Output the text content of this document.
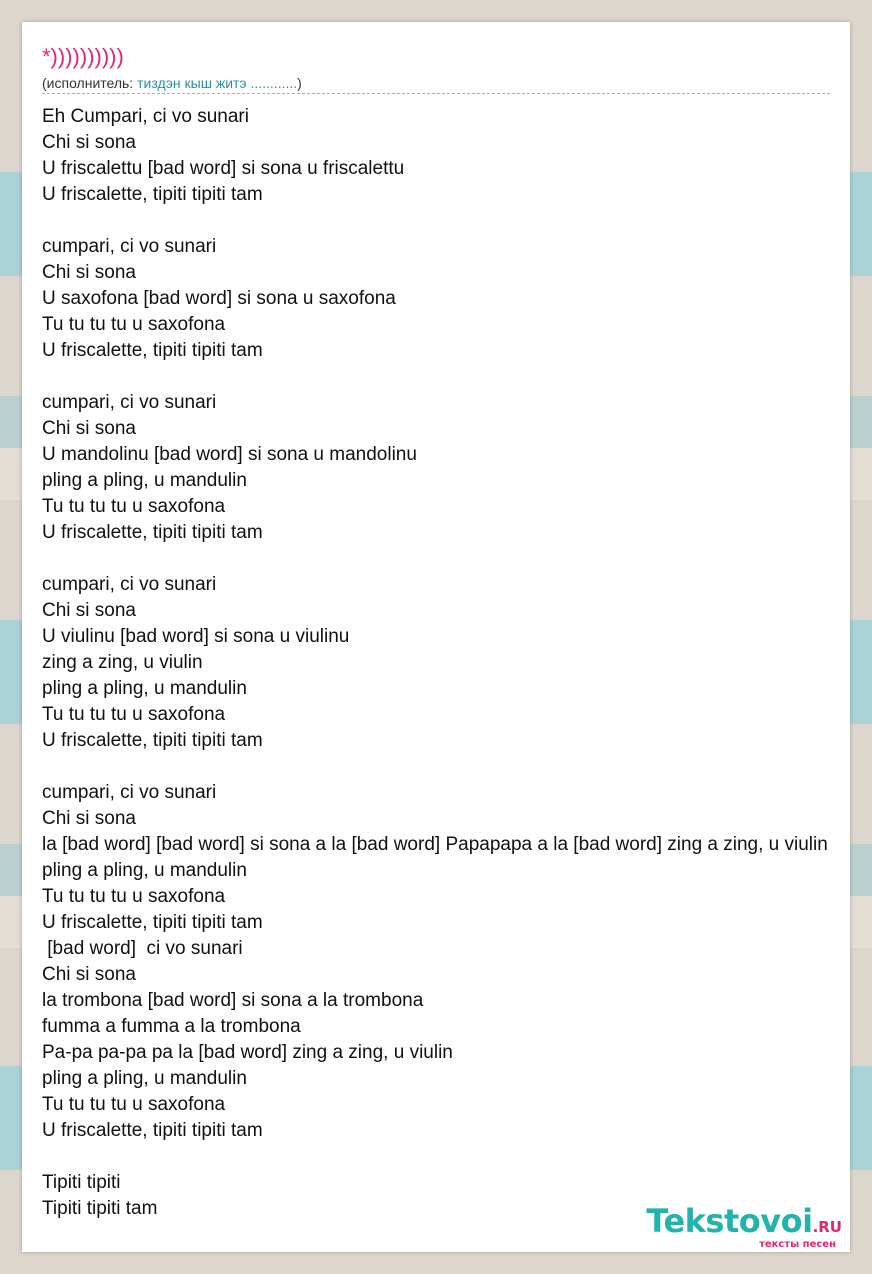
*))))))))))
(исполнитель: тиздэн кыш житэ ............)
Eh Cumpari, ci vo sunari
Chi si sona
U friscalettu [bad word] si sona u friscalettu
U friscalette, tipiti tipiti tam

cumpari, ci vo sunari
Chi si sona
U saxofona [bad word] si sona u saxofona
Tu tu tu tu u saxofona
U friscalette, tipiti tipiti tam

cumpari, ci vo sunari
Chi si sona
U mandolinu [bad word] si sona u mandolinu
pling a pling, u mandulin
Tu tu tu tu u saxofona
U friscalette, tipiti tipiti tam

cumpari, ci vo sunari
Chi si sona
U viulinu [bad word] si sona u viulinu
zing a zing, u viulin
pling a pling, u mandulin
Tu tu tu tu u saxofona
U friscalette, tipiti tipiti tam

cumpari, ci vo sunari
Chi si sona
la [bad word] [bad word] si sona a la [bad word] Papapapa a la [bad word] zing a zing, u viulin
pling a pling, u mandulin
Tu tu tu tu u saxofona
U friscalette, tipiti tipiti tam
[bad word]  ci vo sunari
Chi si sona
la trombona [bad word] si sona a la trombona
fumma a fumma a la trombona
Pa-pa pa-pa pa la [bad word] zing a zing, u viulin
pling a pling, u mandulin
Tu tu tu tu u saxofona
U friscalette, tipiti tipiti tam

Tipiti tipiti
Tipiti tipiti tam	Tekstovoi.RU
тексты песен
